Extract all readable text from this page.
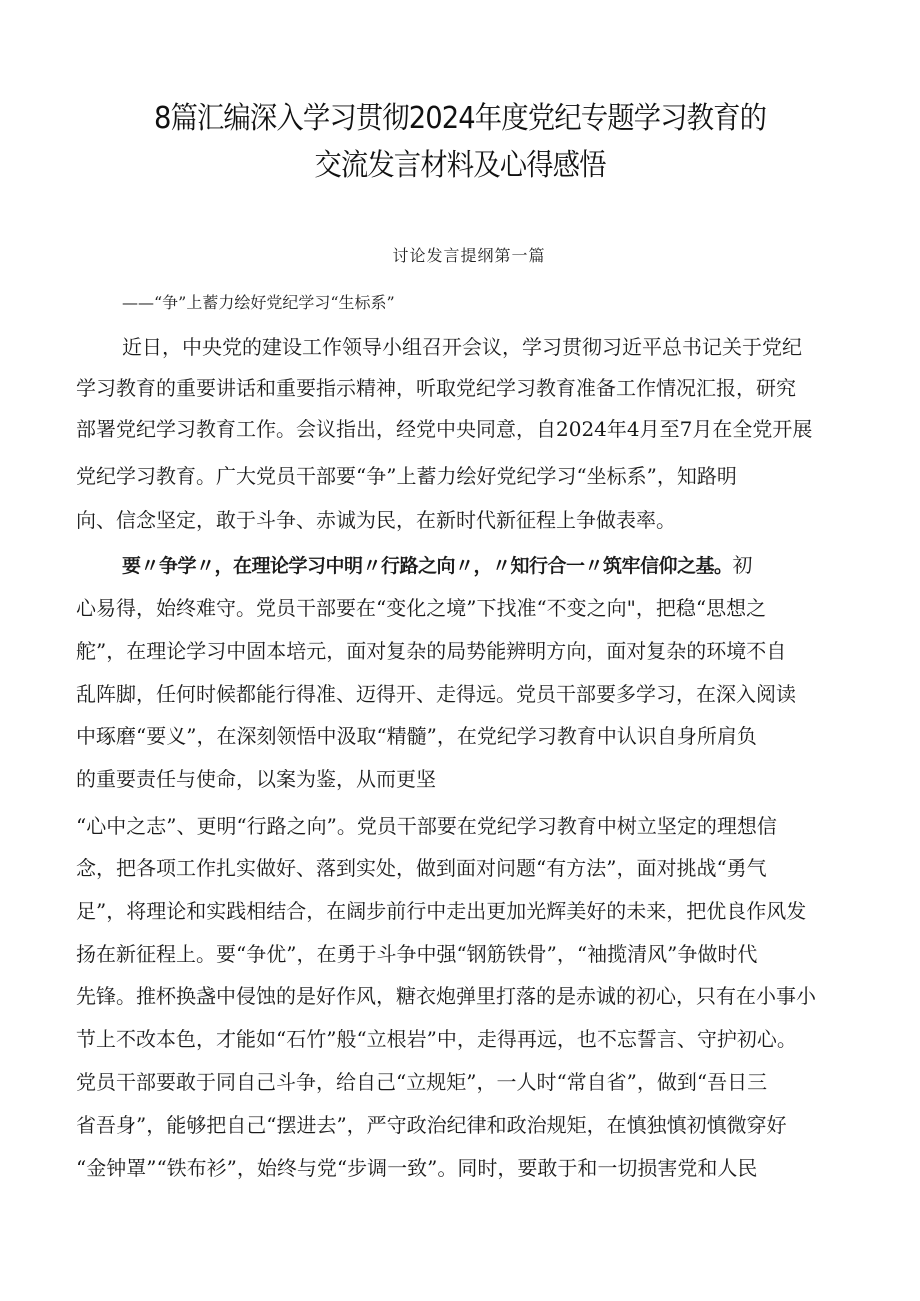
8篇汇编深入学习贯彻2024年度党纪专题学习教育的
交流发言材料及心得感悟

讨论发言提纲第一篇

——“争”上蓄力绘好党纪学习“生标系”

近日，中央党的建设工作领导小组召开会议，学习贯彻习近平总书记关于党纪

学习教育的重要讲话和重要指示精神，听取党纪学习教育准备工作情况汇报，研究

部署党纪学习教育工作。会议指出，经党中央同意，自2024年4月至7月在全党开展

党纪学习教育。广大党员干部要“争”上蓄力绘好党纪学习“坐标系”，知路明

向、信念坚定，敢于斗争、赤诚为民，在新时代新征程上争做表率。

要〃争学〃，在理论学习中明〃行路之向〃，〃知行合一〃筑牢信仰之基。初

心易得，始终难守。党员干部要在“变化之境”下找准“不变之向"，把稳“思想之

舵”，在理论学习中固本培元，面对复杂的局势能辨明方向，面对复杂的环境不自

乱阵脚，任何时候都能行得准、迈得开、走得远。党员干部要多学习，在深入阅读

中琢磨“要义”，在深刻领悟中汲取“精髓”，在党纪学习教育中认识自身所肩负

的重要责任与使命，以案为鉴，从而更坚

“心中之志”、更明“行路之向”。党员干部要在党纪学习教育中树立坚定的理想信

念，把各项工作扎实做好、落到实处，做到面对问题“有方法”，面对挑战“勇气

足”，将理论和实践相结合，在阔步前行中走出更加光辉美好的未来，把优良作风发

扬在新征程上。要“争优”，在勇于斗争中强“钢筋铁骨”，“袖揽清风”争做时代

先锋。推杯换盏中侵蚀的是好作风，糖衣炮弹里打落的是赤诚的初心，只有在小事小

节上不改本色，才能如“石竹”般“立根岩”中，走得再远，也不忘誓言、守护初心。

党员干部要敢于同自己斗争，给自己“立规矩”，一人时“常自省”，做到“吾日三

省吾身”，能够把自己“摆进去”，严守政治纪律和政治规矩，在慎独慎初慎微穿好

“金钟罩”“铁布衫”，始终与党“步调一致”。同时，要敢于和一切损害党和人民
